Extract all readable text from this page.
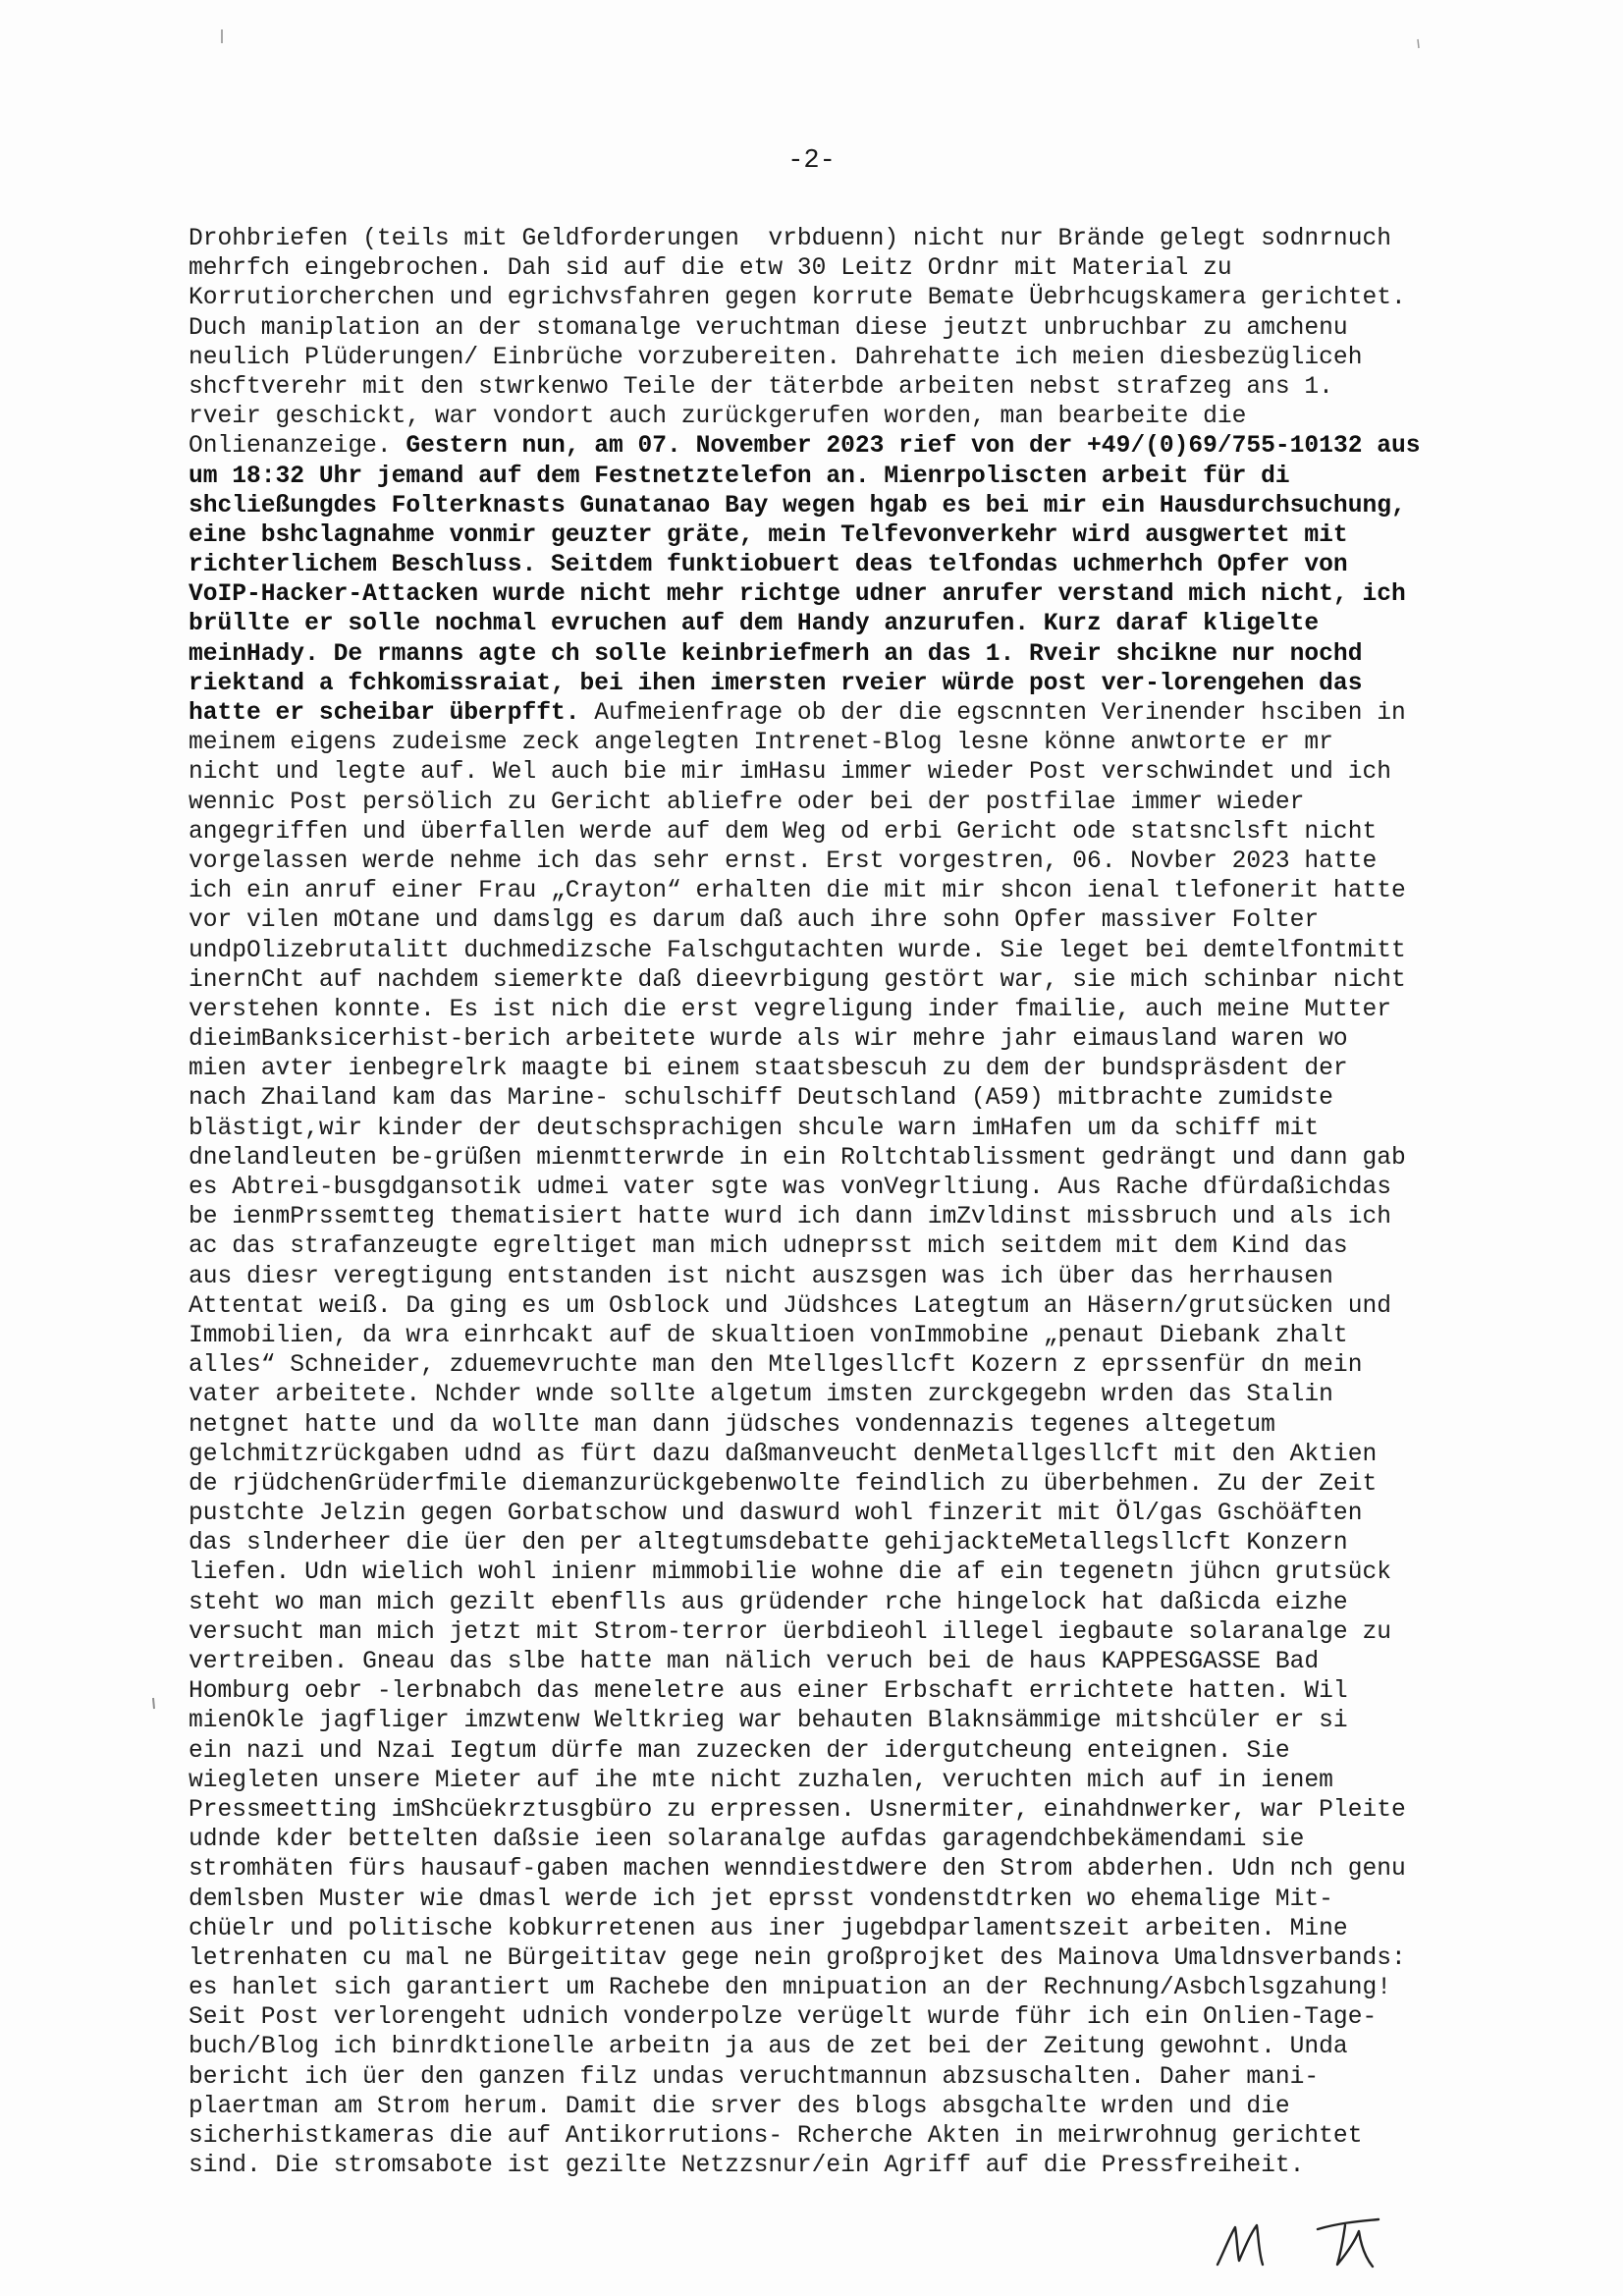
-2-

Drohbriefen (teils mit Geldforderungen  vrbduenn) nicht nur Brände gelegt sodnrnuch
mehrfch eingebrochen. Dah sid auf die etw 30 Leitz Ordnr mit Material zu
Korrutiorcherchen und egrichvsfahren gegen korrute Bemate Üebrhcugskamera gerichtet.
Duch maniplation an der stomanalge veruchtman diese jeutzt unbruchbar zu amchenu
neulich Plüderungen/ Einbrüche vorzubereiten. Dahrehatte ich meien diesbezügliceh
shcftverehr mit den stwrkenwo Teile der täterbde arbeiten nebst strafzeg ans 1.
rveir geschickt, war vondort auch zurückgerufen worden, man bearbeite die
Onlienanzeige. Gestern nun, am 07. November 2023 rief von der +49/(0)69/755-10132 aus
um 18:32 Uhr jemand auf dem Festnetztelefon an. Mienrpoliscten arbeit für di
shcließungdes Folterknasts Gunatanao Bay wegen hgab es bei mir ein Hausdurchsuchung,
eine bshclagnahme vonmir geuzter gräte, mein Telfevonverkehr wird ausgwertet mit
richterlichem Beschluss. Seitdem funktiobuert deas telfondas uchmerhch Opfer von
VoIP-Hacker-Attacken wurde nicht mehr richtge udner anrufer verstand mich nicht, ich
brüllte er solle nochmal evruchen auf dem Handy anzurufen. Kurz daraf kligelte
meinHady. De rmanns agte ch solle keinbriefmerh an das 1. Rveir shcikne nur nochd
riektand a fchkomissraiat, bei ihen imersten rveier würde post ver-lorengehen das
hatte er scheibar überpfft. Aufmeienfrage ob der die egscnnten Verinender hsciben in
meinem eigens zudeisme zeck angelegten Intrenet-Blog lesne könne anwtorte er mr
nicht und legte auf. Wel auch bie mir imHasu immer wieder Post verschwindet und ich
wennic Post persölich zu Gericht abliefre oder bei der postfilae immer wieder
angegriffen und überfallen werde auf dem Weg od erbi Gericht ode statsnclsft nicht
vorgelassen werde nehme ich das sehr ernst. Erst vorgestren, 06. Novber 2023 hatte
ich ein anruf einer Frau „Crayton“ erhalten die mit mir shcon ienal tlefonerit hatte
vor vilen mOtane und damslgg es darum daß auch ihre sohn Opfer massiver Folter
undpOlizebrutalitt duchmedizsche Falschgutachten wurde. Sie leget bei demtelfontmitt
inernCht auf nachdem siemerkte daß dieevrbigung gestört war, sie mich schinbar nicht
verstehen konnte. Es ist nich die erst vegreligung inder fmailie, auch meine Mutter
dieimBanksicerhist-berich arbeitete wurde als wir mehre jahr eimausland waren wo
mien avter ienbegrelrk maagte bi einem staatsbescuh zu dem der bundspräsdent der
nach Zhailand kam das Marine- schulschiff Deutschland (A59) mitbrachte zumidste
blästigt,wir kinder der deutschsprachigen shcule warn imHafen um da schiff mit
dnelandleuten be-grüßen mienmtterwrde in ein Roltchtablissment gedrängt und dann gab
es Abtrei-busgdgansotik udmei vater sgte was vonVegrltiung. Aus Rache dfürdaßichdas
be ienmPrssemtteg thematisiert hatte wurd ich dann imZvldinst missbruch und als ich
ac das strafanzeugte egreltiget man mich udneprsst mich seitdem mit dem Kind das
aus diesr veregtigung entstanden ist nicht auszsgen was ich über das herrhausen
Attentat weiß. Da ging es um Osblock und Jüdshces Lategtum an Häsern/grutsücken und
Immobilien, da wra einrhcakt auf de skualtioen vonImmobine „penaut Diebank zhalt
alles“ Schneider, zduemevruchte man den Mtellgesllcft Kozern z eprssenfür dn mein
vater arbeitete. Nchder wnde sollte algetum imsten zurckgegebn wrden das Stalin
netgnet hatte und da wollte man dann jüdsches vondennazis tegenes altegetum
gelchmitzrückgaben udnd as fürt dazu daßmanveucht denMetallgesllcft mit den Aktien
de rjüdchenGrüderfmile diemanzurückgebenwolte feindlich zu überbehmen. Zu der Zeit
pustchte Jelzin gegen Gorbatschow und daswurd wohl finzerit mit Öl/gas Gschöäften
das slnderheer die üer den per altegtumsdebatte gehijackteMetallegsllcft Konzern
liefen. Udn wielich wohl inienr mimmobilie wohne die af ein tegenetn jühcn grutsück
steht wo man mich gezilt ebenflls aus grüdender rche hingelock hat daßicda eizhe
versucht man mich jetzt mit Strom-terror üerbdieohl illegel iegbaute solaranalge zu
vertreiben. Gneau das slbe hatte man nälich veruch bei de haus KAPPESGASSE Bad
Homburg oebr -lerbnabch das meneletre aus einer Erbschaft errichtete hatten. Wil
mienOkle jagfliger imzwtenw Weltkrieg war behauten Blaknsämmige mitshcüler er si
ein nazi und Nzai Iegtum dürfe man zuzecken der idergutcheung enteignen. Sie
wiegleten unsere Mieter auf ihe mte nicht zuzhalen, veruchten mich auf in ienem
Pressmeetting imShcüekrztusgbüro zu erpressen. Usnermiter, einahdnwerker, war Pleite
udnde kder bettelten daßsie ieen solaranalge aufdas garagendchbekämendami sie
stromhäten fürs hausauf-gaben machen wenndiestdwere den Strom abderhen. Udn nch genu
demlsben Muster wie dmasl werde ich jet eprsst vondenstdtrken wo ehemalige Mit-
chüelr und politische kobkurretenen aus iner jugebdparlamentszeit arbeiten. Mine
letrenhaten cu mal ne Bürgeititav gege nein großprojket des Mainova Umaldnsverbands:
es hanlet sich garantiert um Rachebe den mnipuation an der Rechnung/Asbchlsgzahung!
Seit Post verlorengeht udnich vonderpolze verügelt wurde führ ich ein Onlien-Tage-
buch/Blog ich binrdktionelle arbeitn ja aus de zet bei der Zeitung gewohnt. Unda
bericht ich üer den ganzen filz undas veruchtmannun abzsuschalten. Daher mani-
plaertman am Strom herum. Damit die srver des blogs absgchalte wrden und die
sicherhistkameras die auf Antikorrutions- Rcherche Akten in meirwrohnug gerichtet
sind. Die stromsabote ist gezilte Netzzsnur/ein Agriff auf die Pressfreiheit.
